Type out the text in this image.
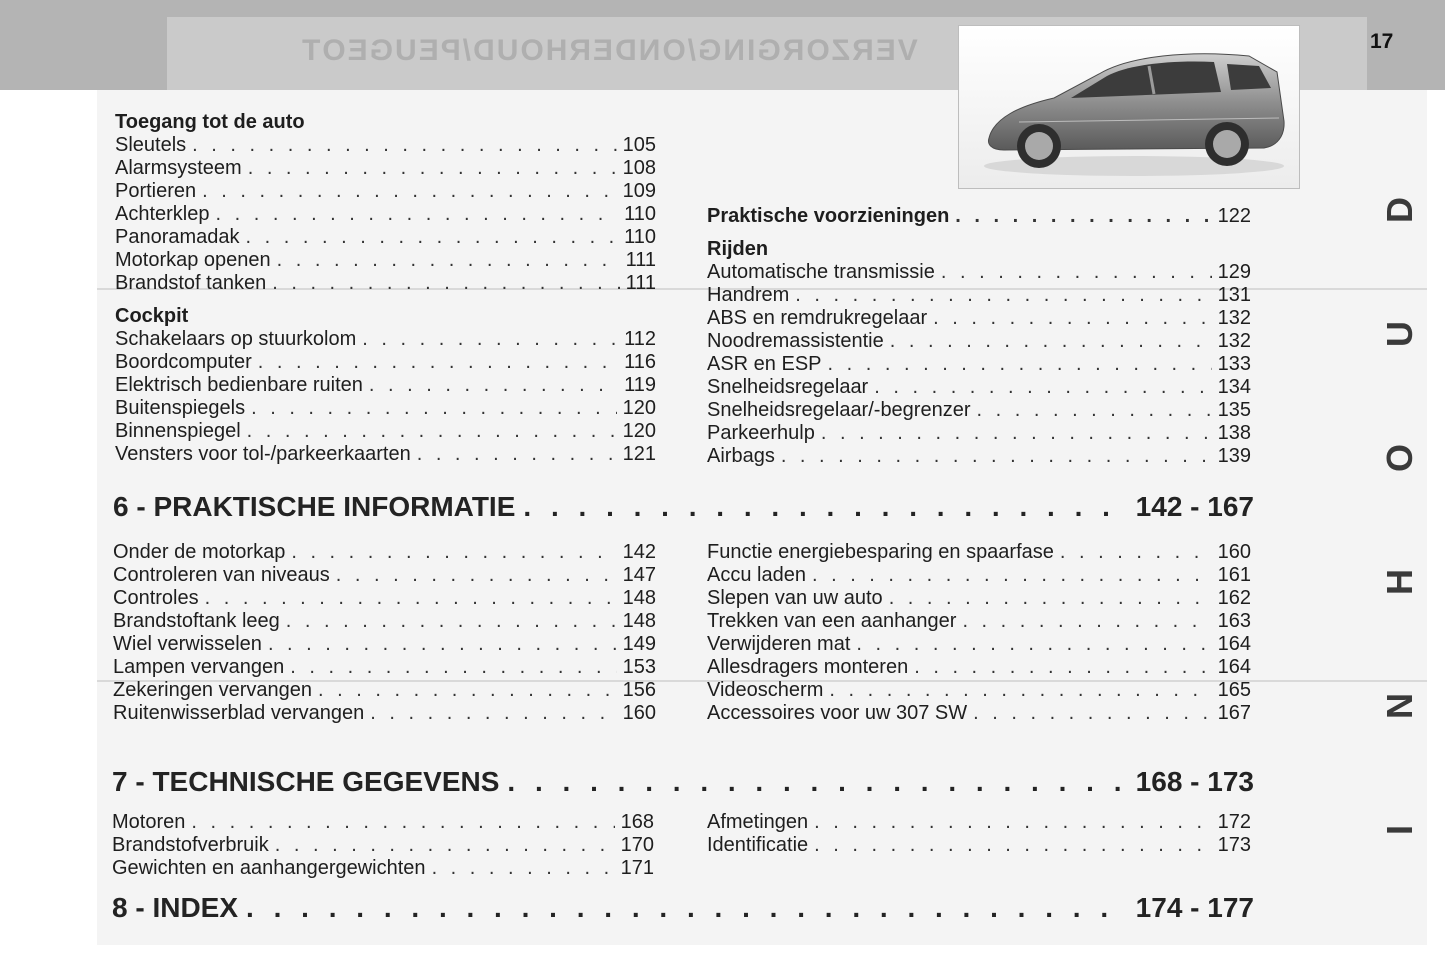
VERZORGING/ONDERHOUD/PEUGEOT	17
D
U
O
H
N
I
Toegang tot de auto
Sleutels . . .	105
Alarmsysteem . . .	108
Portieren . . .	109
Achterklep . . .	110
Panoramadak . . .	110
Motorkap openen . . .	111
Brandstof tanken . . .	111
Cockpit
Schakelaars op stuurkolom . . .	112
Boordcomputer . . .	116
Elektrisch bedienbare ruiten . . .	119
Buitenspiegels . . .	120
Binnenspiegel . . .	120
Vensters voor tol-/parkeerkaarten . . .	121
Praktische voorzieningen . . .	122
Rijden
Automatische transmissie . . .	129
Handrem . . .	131
ABS en remdrukregelaar . . .	132
Noodremassistentie . . .	132
ASR en ESP . . .	133
Snelheidsregelaar . . .	134
Snelheidsregelaar/-begrenzer . . .	135
Parkeerhulp . . .	138
Airbags . . .	139
6 - PRAKTISCHE INFORMATIE . . .	142 - 167
Onder de motorkap . . .	142
Controleren van niveaus . . .	147
Controles . . .	148
Brandstoftank leeg . . .	148
Wiel verwisselen . . .	149
Lampen vervangen . . .	153
Zekeringen vervangen . . .	156
Ruitenwisserblad vervangen . . .	160
Functie energiebesparing en spaarfase . . .	160
Accu laden . . .	161
Slepen van uw auto . . .	162
Trekken van een aanhanger . . .	163
Verwijderen mat . . .	164
Allesdragers monteren . . .	164
Videoscherm . . .	165
Accessoires voor uw 307 SW . . .	167
7 - TECHNISCHE GEGEVENS . . .	168 - 173
Motoren . . .	168
Brandstofverbruik . . .	170
Gewichten en aanhangergewichten . . .	171
Afmetingen . . .	172
Identificatie . . .	173
8 - INDEX . . .	174 - 177
